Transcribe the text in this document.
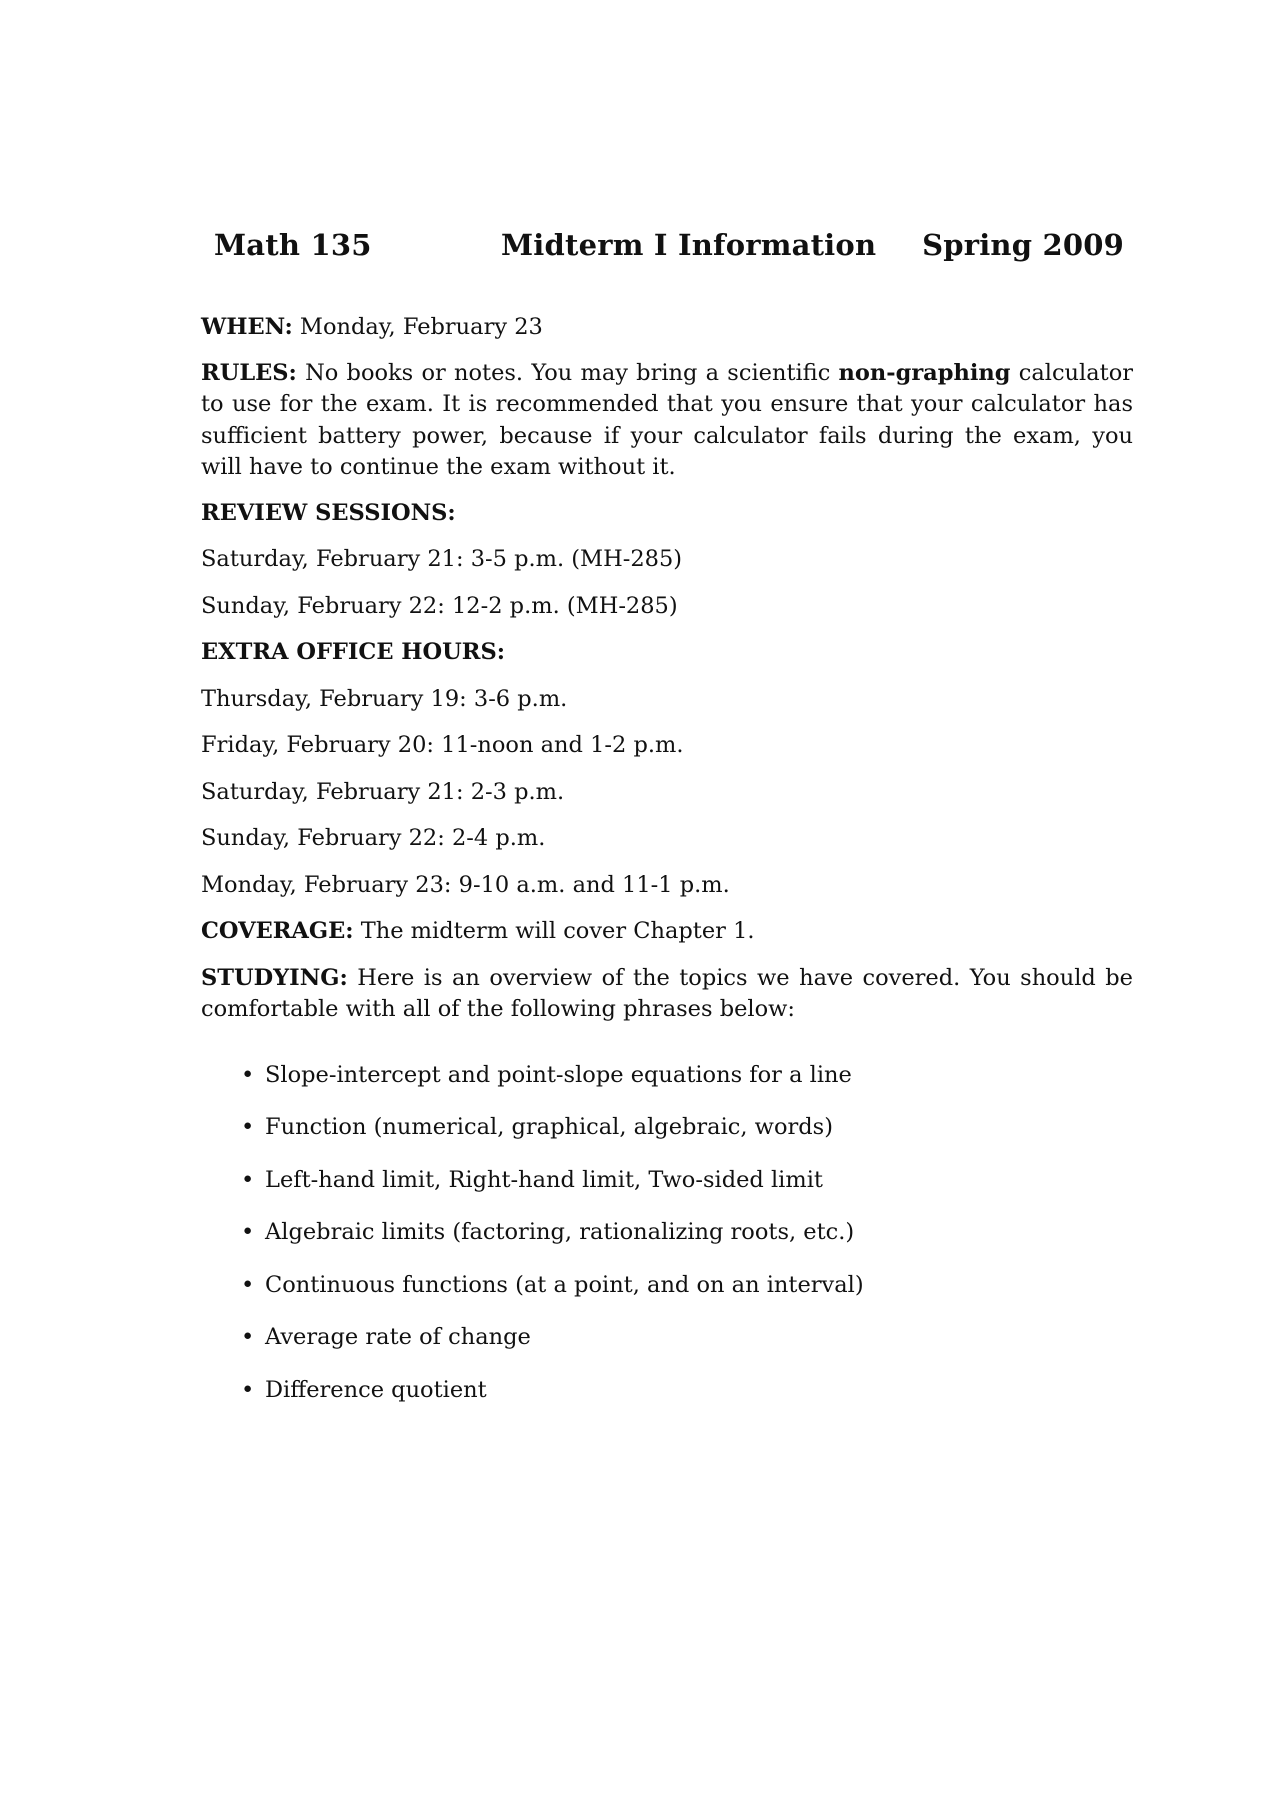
Math 135	Midterm I Information Spring 2009

WHEN: Monday, February 23

RULES: No books or notes. You may bring a scientific non-graphing calculator to use for the exam. It is recommended that you ensure that your calculator has sufficient battery power, because if your calculator fails during the exam, you will have to continue the exam without it.

REVIEW SESSIONS:

Saturday, February 21: 3-5 p.m. (MH-285)

Sunday, February 22: 12-2 p.m. (MH-285)

EXTRA OFFICE HOURS:

Thursday, February 19: 3-6 p.m.

Friday, February 20: 11-noon and 1-2 p.m.

Saturday, February 21: 2-3 p.m.

Sunday, February 22: 2-4 p.m.

Monday, February 23: 9-10 a.m. and 11-1 p.m.

COVERAGE: The midterm will cover Chapter 1.

STUDYING: Here is an overview of the topics we have covered. You should be comfortable with all of the following phrases below:

• Slope-intercept and point-slope equations for a line
• Function (numerical, graphical, algebraic, words)
• Left-hand limit, Right-hand limit, Two-sided limit
• Algebraic limits (factoring, rationalizing roots, etc.)
• Continuous functions (at a point, and on an interval)
• Average rate of change
• Difference quotient
